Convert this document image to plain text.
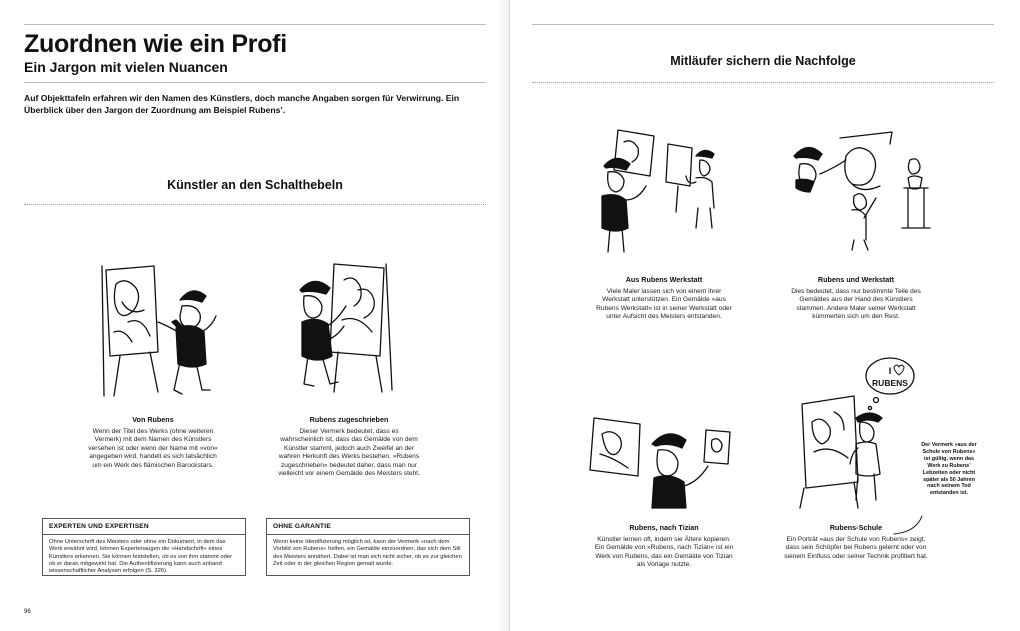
Zuordnen wie ein Profi
Ein Jargon mit vielen Nuancen
Auf Objekttafeln erfahren wir den Namen des Künstlers, doch manche Angaben sorgen für Verwirrung. Ein Überblick über den Jargon der Zuordnung am Beispiel Rubens’.
Künstler an den Schalthebeln
Von Rubens
Wenn der Titel des Werks (ohne weiteren Vermerk) mit dem Namen des Künstlers versehen ist oder wenn der Name mit »von« angegeben wird, handelt es sich tatsächlich um ein Werk des flämischen Barockstars.
Rubens zugeschrieben
Dieser Vermerk bedeutet, dass es wahrscheinlich ist, dass das Gemälde von dem Künstler stammt, jedoch auch Zweifel an der wahren Herkunft des Werks bestehen. »Rubens zugeschrieben« bedeutet daher, dass man nur vielleicht vor einem Gemälde des Meisters steht.
EXPERTEN UND EXPERTISEN
Ohne Unterschrift des Meisters oder ohne ein Dokument, in dem das Werk erwähnt wird, können Expertenaugen die »Handschrift« eines Künstlers erkennen. Sie können feststellen, ob es von ihm stammt oder ob er daran mitgewirkt hat. Die Authentifizierung kann auch anhand wissenschaftlicher Analysen erfolgen (S. 326).
OHNE GARANTIE
Wenn keine Identifizierung möglich ist, kann der Vermerk »nach dem Vorbild von Rubens« helfen, ein Gemälde einzuordnen, das sich dem Stil des Meisters annähert. Dabei ist man sich nicht sicher, ob es zur gleichen Zeit oder in der gleichen Region gemalt wurde.
96
Mitläufer sichern die Nachfolge
Aus Rubens Werkstatt
Viele Maler lassen sich von einem ihrer Werkstatt unterstützen. Ein Gemälde »aus Rubens Werkstatt« ist in seiner Werkstatt oder unter Aufsicht des Meisters entstanden.
Rubens und Werkstatt
Dies bedeutet, dass nur bestimmte Teile des Gemäldes aus der Hand des Künstlers stammen. Andere Maler seiner Werkstatt kümmerten sich um den Rest.
I
RUBENS
Der Vermerk »aus der Schule von Rubens« ist gültig, wenn das Werk zu Rubens’ Lebzeiten oder nicht später als 50 Jahren nach seinem Tod entstanden ist.
Rubens, nach Tizian
Künstler lernen oft, indem sie Ältere kopieren. Ein Gemälde von »Rubens, nach Tizian« ist ein Werk von Rubens, das ein Gemälde von Tizian als Vorlage nutzte.
Rubens-Schule
Ein Porträt »aus der Schule von Rubens« zeigt, dass sein Schöpfer bei Rubens gelernt oder von seinem Einfluss oder seiner Technik profitiert hat.
